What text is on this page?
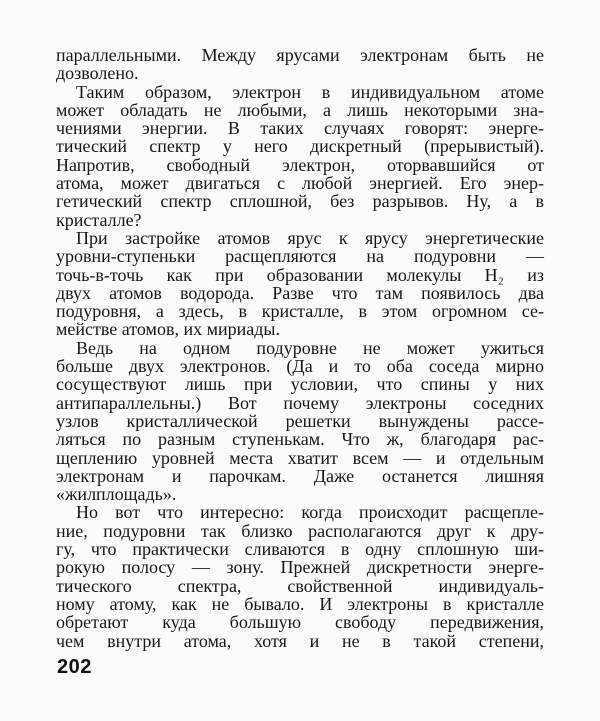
параллельными. Между ярусами электронам быть не
дозволено.
Таким образом, электрон в индивидуальном атоме
может обладать не любыми, а лишь некоторыми зна-
чениями энергии. В таких случаях говорят: энерге-
тический спектр у него дискретный (прерывистый).
Напротив, свободный электрон, оторвавшийся от
атома, может двигаться с любой энергией. Его энер-
гетический спектр сплошной, без разрывов. Ну, а в
кристалле?
При застройке атомов ярус к ярусу энергетические
уровни-ступеньки расщепляются на подуровни —
точь-в-точь как при образовании молекулы H₂ из
двух атомов водорода. Разве что там появилось два
подуровня, а здесь, в кристалле, в этом огромном се-
мействе атомов, их мириады.
Ведь на одном подуровне не может ужиться
больше двух электронов. (Да и то оба соседа мирно
сосуществуют лишь при условии, что спины у них
антипараллельны.) Вот почему электроны соседних
узлов кристаллической решетки вынуждены рассе-
ляться по разным ступенькам. Что ж, благодаря рас-
щеплению уровней места хватит всем — и отдельным
электронам и парочкам. Даже останется лишняя
«жилплощадь».
Но вот что интересно: когда происходит расщепле-
ние, подуровни так близко располагаются друг к дру-
гу, что практически сливаются в одну сплошную ши-
рокую полосу — зону. Прежней дискретности энерге-
тического спектра, свойственной индивидуаль-
ному атому, как не бывало. И электроны в кристалле
обретают куда большую свободу передвижения,
чем внутри атома, хотя и не в такой степени,
202
